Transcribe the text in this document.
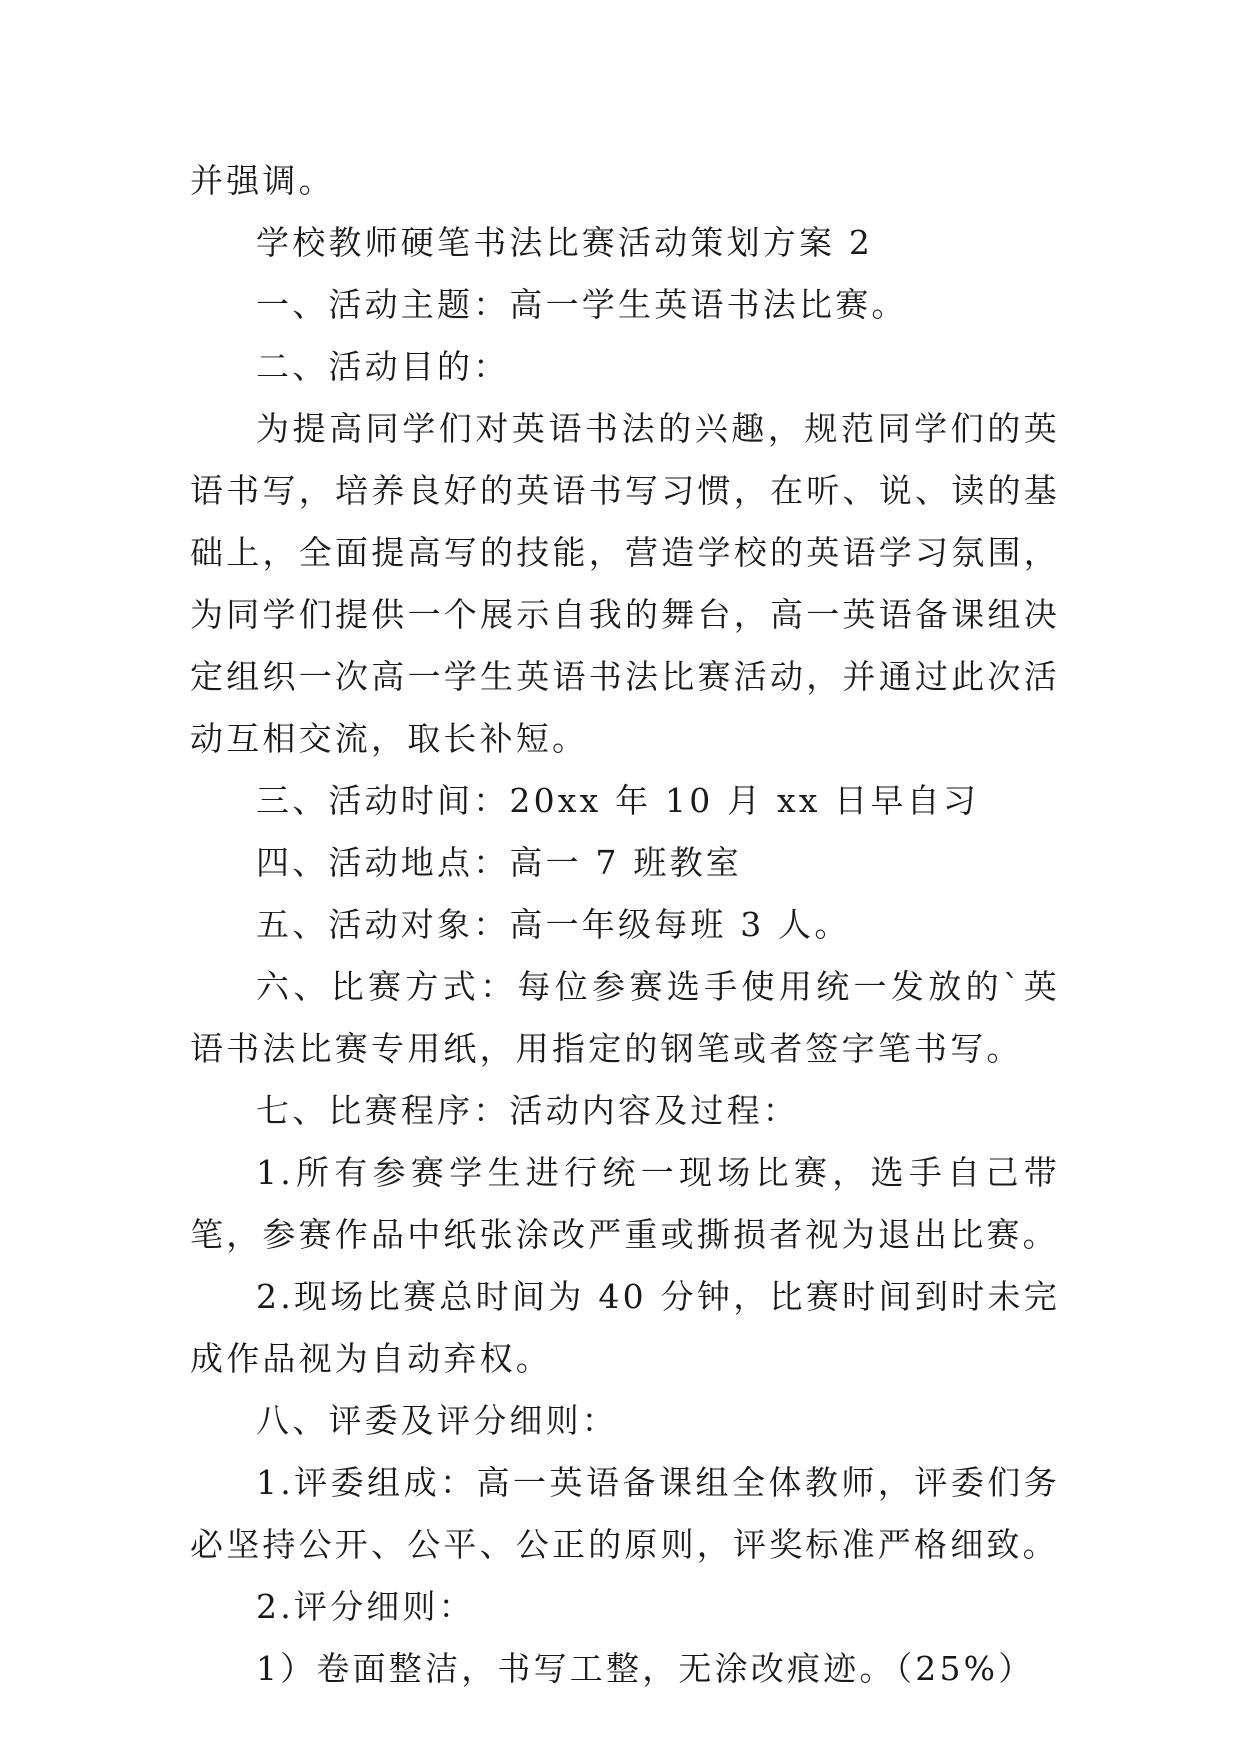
并强调。

学校教师硬笔书法比赛活动策划方案 2

一、活动主题：高一学生英语书法比赛。

二、活动目的：

为提高同学们对英语书法的兴趣，规范同学们的英语书写，培养良好的英语书写习惯，在听、说、读的基础上，全面提高写的技能，营造学校的英语学习氛围，为同学们提供一个展示自我的舞台，高一英语备课组决定组织一次高一学生英语书法比赛活动，并通过此次活动互相交流，取长补短。

三、活动时间：20xx 年 10 月 xx 日早自习

四、活动地点：高一 7 班教室

五、活动对象：高一年级每班 3 人。

六、比赛方式：每位参赛选手使用统一发放的`英语书法比赛专用纸，用指定的钢笔或者签字笔书写。

七、比赛程序：活动内容及过程：

1.所有参赛学生进行统一现场比赛，选手自己带笔，参赛作品中纸张涂改严重或撕损者视为退出比赛。

2.现场比赛总时间为 40 分钟，比赛时间到时未完成作品视为自动弃权。

八、评委及评分细则：

1.评委组成：高一英语备课组全体教师，评委们务必坚持公开、公平、公正的原则，评奖标准严格细致。

2.评分细则：

1）卷面整洁，书写工整，无涂改痕迹。（25%）
